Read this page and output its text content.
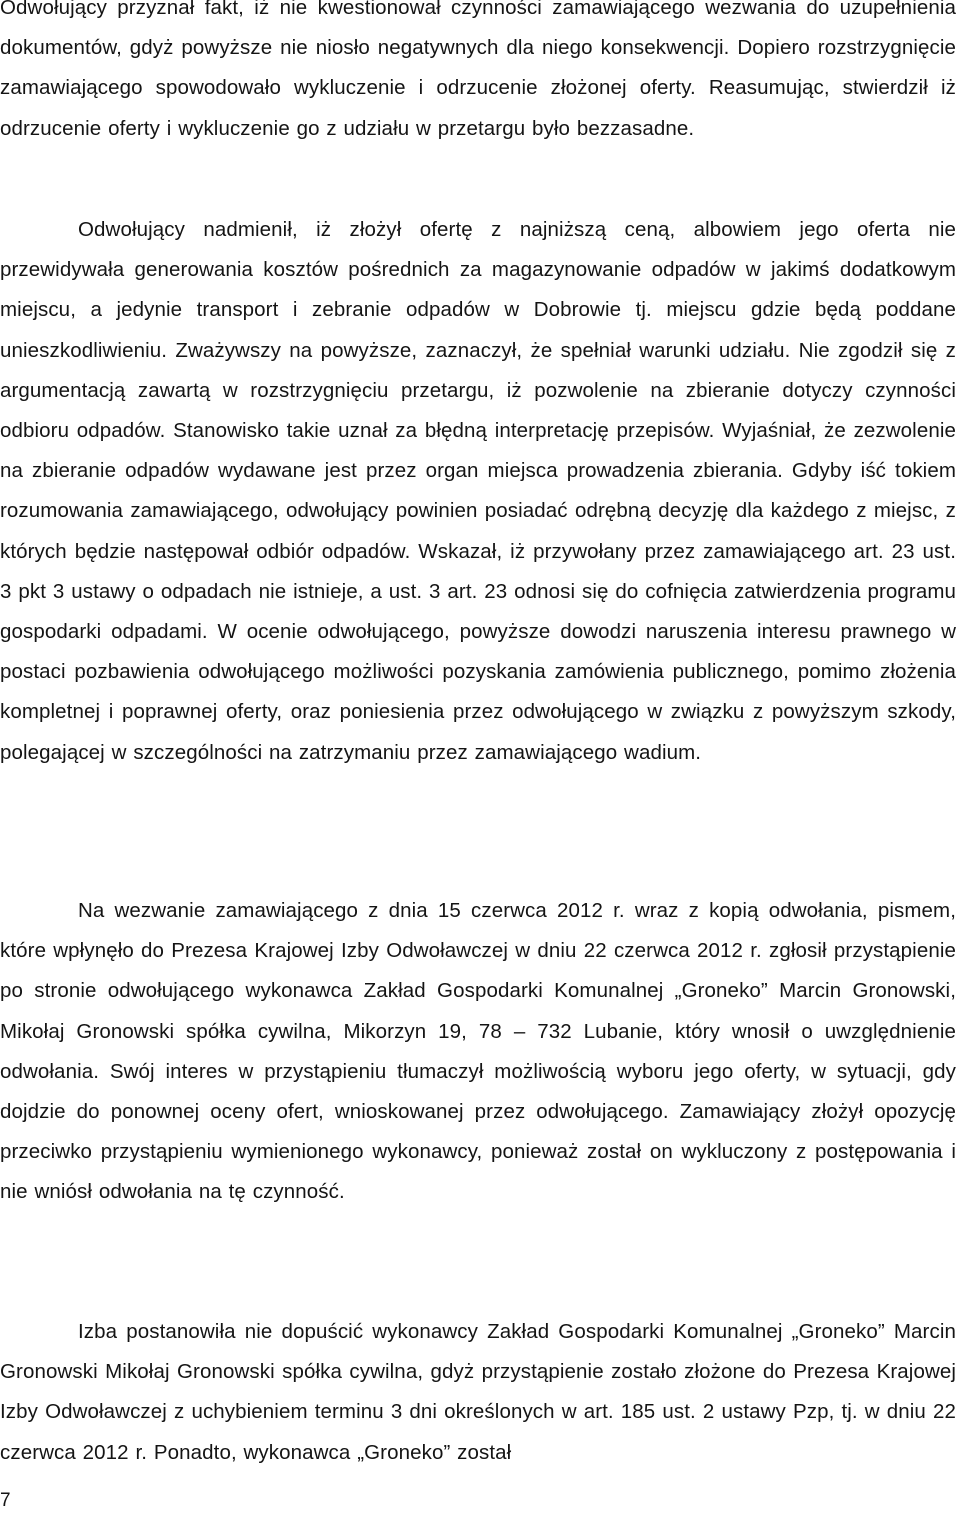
Odwołujący przyznał fakt, iż nie kwestionował czynności zamawiającego wezwania do uzupełnienia dokumentów, gdyż powyższe nie niosło negatywnych dla niego konsekwencji. Dopiero rozstrzygnięcie zamawiającego spowodowało wykluczenie i odrzucenie złożonej oferty. Reasumując, stwierdził iż odrzucenie oferty i wykluczenie go z udziału w przetargu było bezzasadne.

Odwołujący nadmienił, iż złożył ofertę z najniższą ceną, albowiem jego oferta nie przewidywała generowania kosztów pośrednich za magazynowanie odpadów w jakimś dodatkowym miejscu, a jedynie transport i zebranie odpadów w Dobrowie tj. miejscu gdzie będą poddane unieszkodliwieniu. Zważywszy na powyższe, zaznaczył, że spełniał warunki udziału. Nie zgodził się z argumentacją zawartą w rozstrzygnięciu przetargu, iż pozwolenie na zbieranie dotyczy czynności odbioru odpadów. Stanowisko takie uznał za błędną interpretację przepisów. Wyjaśniał, że zezwolenie na zbieranie odpadów wydawane jest przez organ miejsca prowadzenia zbierania. Gdyby iść tokiem rozumowania zamawiającego, odwołujący powinien posiadać odrębną decyzję dla każdego z miejsc, z których będzie następował odbiór odpadów. Wskazał, iż przywołany przez zamawiającego art. 23 ust. 3 pkt 3 ustawy o odpadach nie istnieje, a ust. 3 art. 23 odnosi się do cofnięcia zatwierdzenia programu gospodarki odpadami. W ocenie odwołującego, powyższe dowodzi naruszenia interesu prawnego w postaci pozbawienia odwołującego możliwości pozyskania zamówienia publicznego, pomimo złożenia kompletnej i poprawnej oferty, oraz poniesienia przez odwołującego w związku z powyższym szkody, polegającej w szczególności na zatrzymaniu przez zamawiającego wadium.

Na wezwanie zamawiającego z dnia 15 czerwca 2012 r. wraz z kopią odwołania, pismem, które wpłynęło do Prezesa Krajowej Izby Odwoławczej w dniu 22 czerwca 2012 r. zgłosił przystąpienie po stronie odwołującego wykonawca Zakład Gospodarki Komunalnej „Groneko” Marcin Gronowski, Mikołaj Gronowski spółka cywilna, Mikorzyn 19, 78 – 732 Lubanie, który wnosił o uwzględnienie odwołania. Swój interes w przystąpieniu tłumaczył możliwością wyboru jego oferty, w sytuacji, gdy dojdzie do ponownej oceny ofert, wnioskowanej przez odwołującego. Zamawiający złożył opozycję przeciwko przystąpieniu wymienionego wykonawcy, ponieważ został on wykluczony z postępowania i nie wniósł odwołania na tę czynność.

Izba postanowiła nie dopuścić wykonawcy Zakład Gospodarki Komunalnej „Groneko” Marcin Gronowski Mikołaj Gronowski spółka cywilna, gdyż przystąpienie zostało złożone do Prezesa Krajowej Izby Odwoławczej z uchybieniem terminu 3 dni określonych w art. 185 ust. 2 ustawy Pzp, tj. w dniu 22 czerwca 2012 r. Ponadto, wykonawca „Groneko” został

7
